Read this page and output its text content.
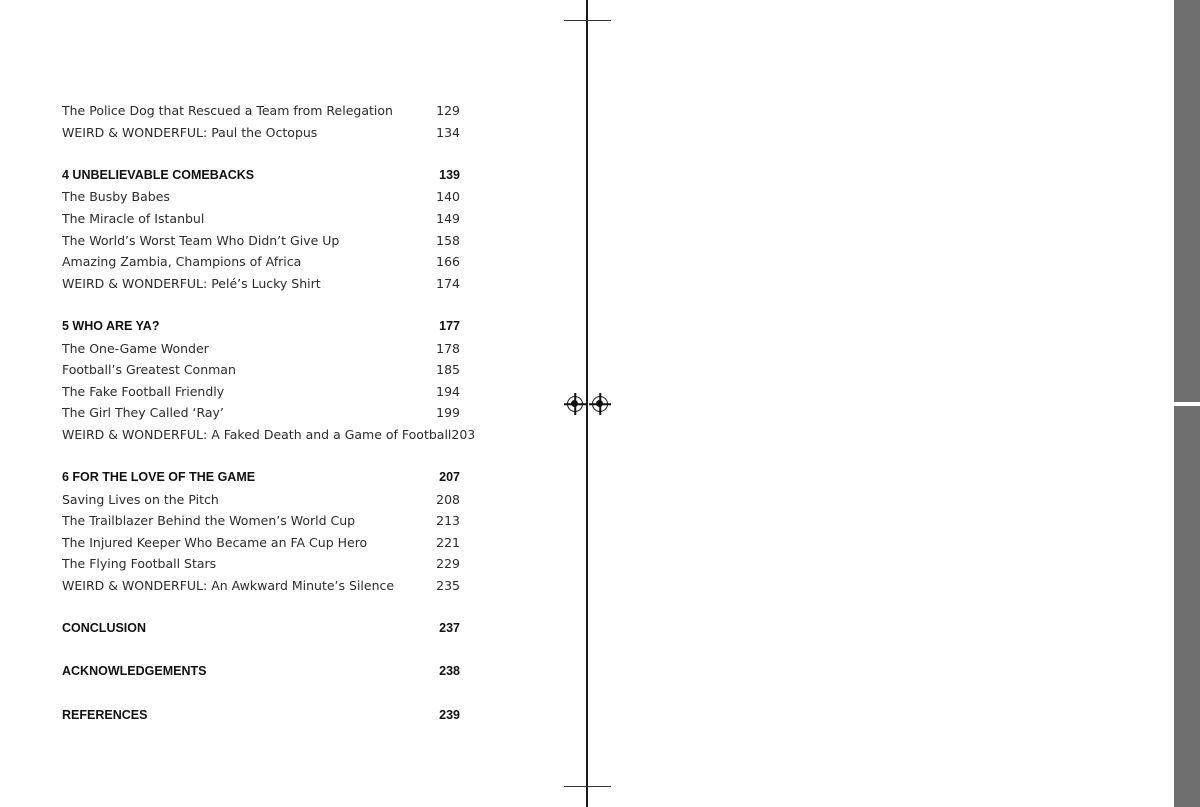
The Police Dog that Rescued a Team from Relegation	129
WEIRD & WONDERFUL: Paul the Octopus	134
4 UNBELIEVABLE COMEBACKS	139
The Busby Babes	140
The Miracle of Istanbul	149
The World’s Worst Team Who Didn’t Give Up	158
Amazing Zambia, Champions of Africa	166
WEIRD & WONDERFUL: Pelé’s Lucky Shirt	174
5 WHO ARE YA?	177
The One-Game Wonder	178
Football’s Greatest Conman	185
The Fake Football Friendly	194
The Girl They Called ‘Ray’	199
WEIRD & WONDERFUL: A Faked Death and a Game of Football 203
6 FOR THE LOVE OF THE GAME	207
Saving Lives on the Pitch	208
The Trailblazer Behind the Women’s World Cup	213
The Injured Keeper Who Became an FA Cup Hero	221
The Flying Football Stars	229
WEIRD & WONDERFUL: An Awkward Minute’s Silence	235
CONCLUSION	237
ACKNOWLEDGEMENTS	238
REFERENCES	239
